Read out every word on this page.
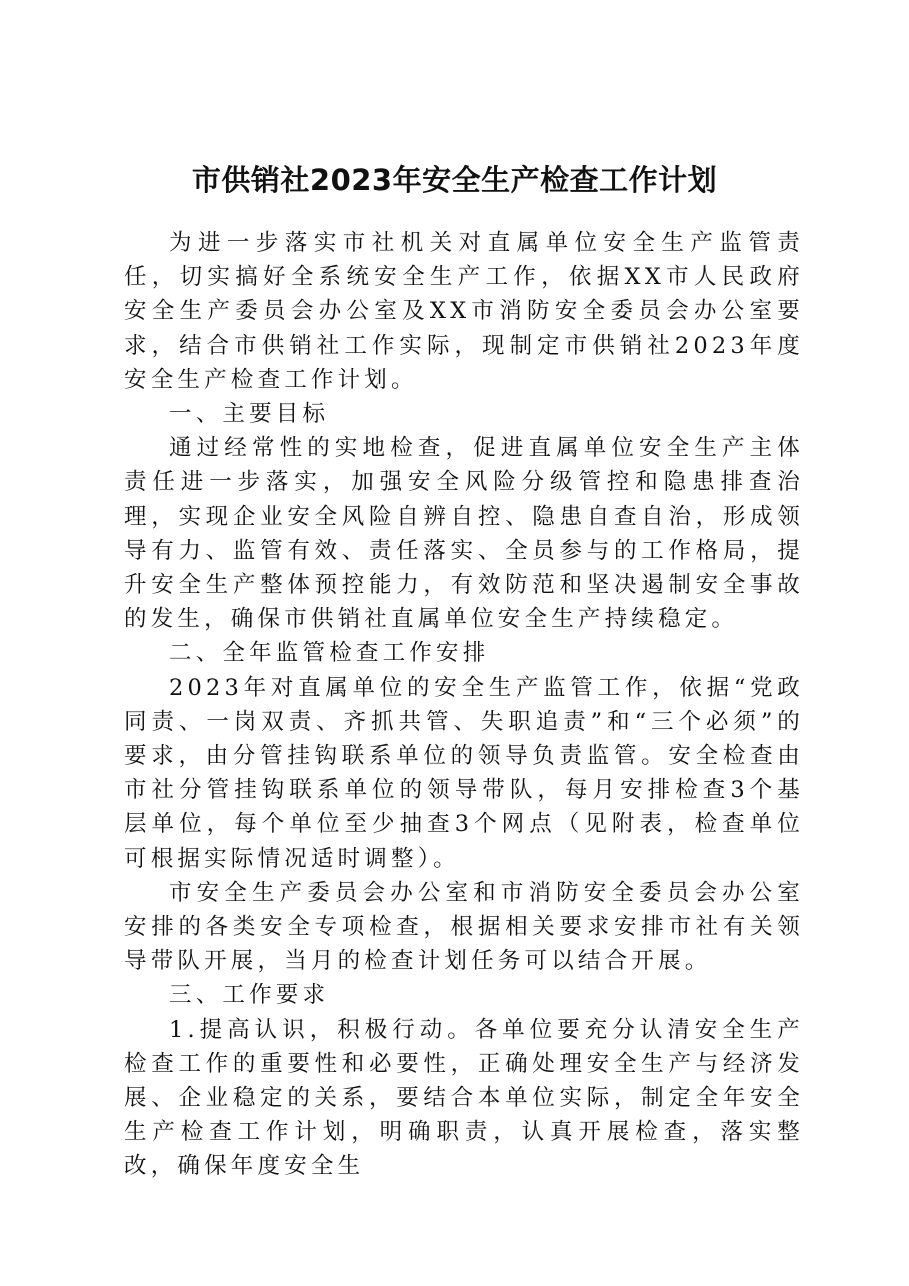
市供销社2023年安全生产检查工作计划

为进一步落实市社机关对直属单位安全生产监管责任，切实搞好全系统安全生产工作，依据XX市人民政府安全生产委员会办公室及XX市消防安全委员会办公室要求，结合市供销社工作实际，现制定市供销社2023年度安全生产检查工作计划。

一、主要目标

通过经常性的实地检查，促进直属单位安全生产主体责任进一步落实，加强安全风险分级管控和隐患排查治理，实现企业安全风险自辨自控、隐患自查自治，形成领导有力、监管有效、责任落实、全员参与的工作格局，提升安全生产整体预控能力，有效防范和坚决遏制安全事故的发生，确保市供销社直属单位安全生产持续稳定。

二、全年监管检查工作安排

2023年对直属单位的安全生产监管工作，依据“党政同责、一岗双责、齐抓共管、失职追责”和“三个必须”的要求，由分管挂钩联系单位的领导负责监管。安全检查由市社分管挂钩联系单位的领导带队，每月安排检查3个基层单位，每个单位至少抽查3个网点（见附表，检查单位可根据实际情况适时调整）。

市安全生产委员会办公室和市消防安全委员会办公室安排的各类安全专项检查，根据相关要求安排市社有关领导带队开展，当月的检查计划任务可以结合开展。

三、工作要求

1.提高认识，积极行动。各单位要充分认清安全生产检查工作的重要性和必要性，正确处理安全生产与经济发展、企业稳定的关系，要结合本单位实际，制定全年安全生产检查工作计划，明确职责，认真开展检查，落实整改，确保年度安全生
